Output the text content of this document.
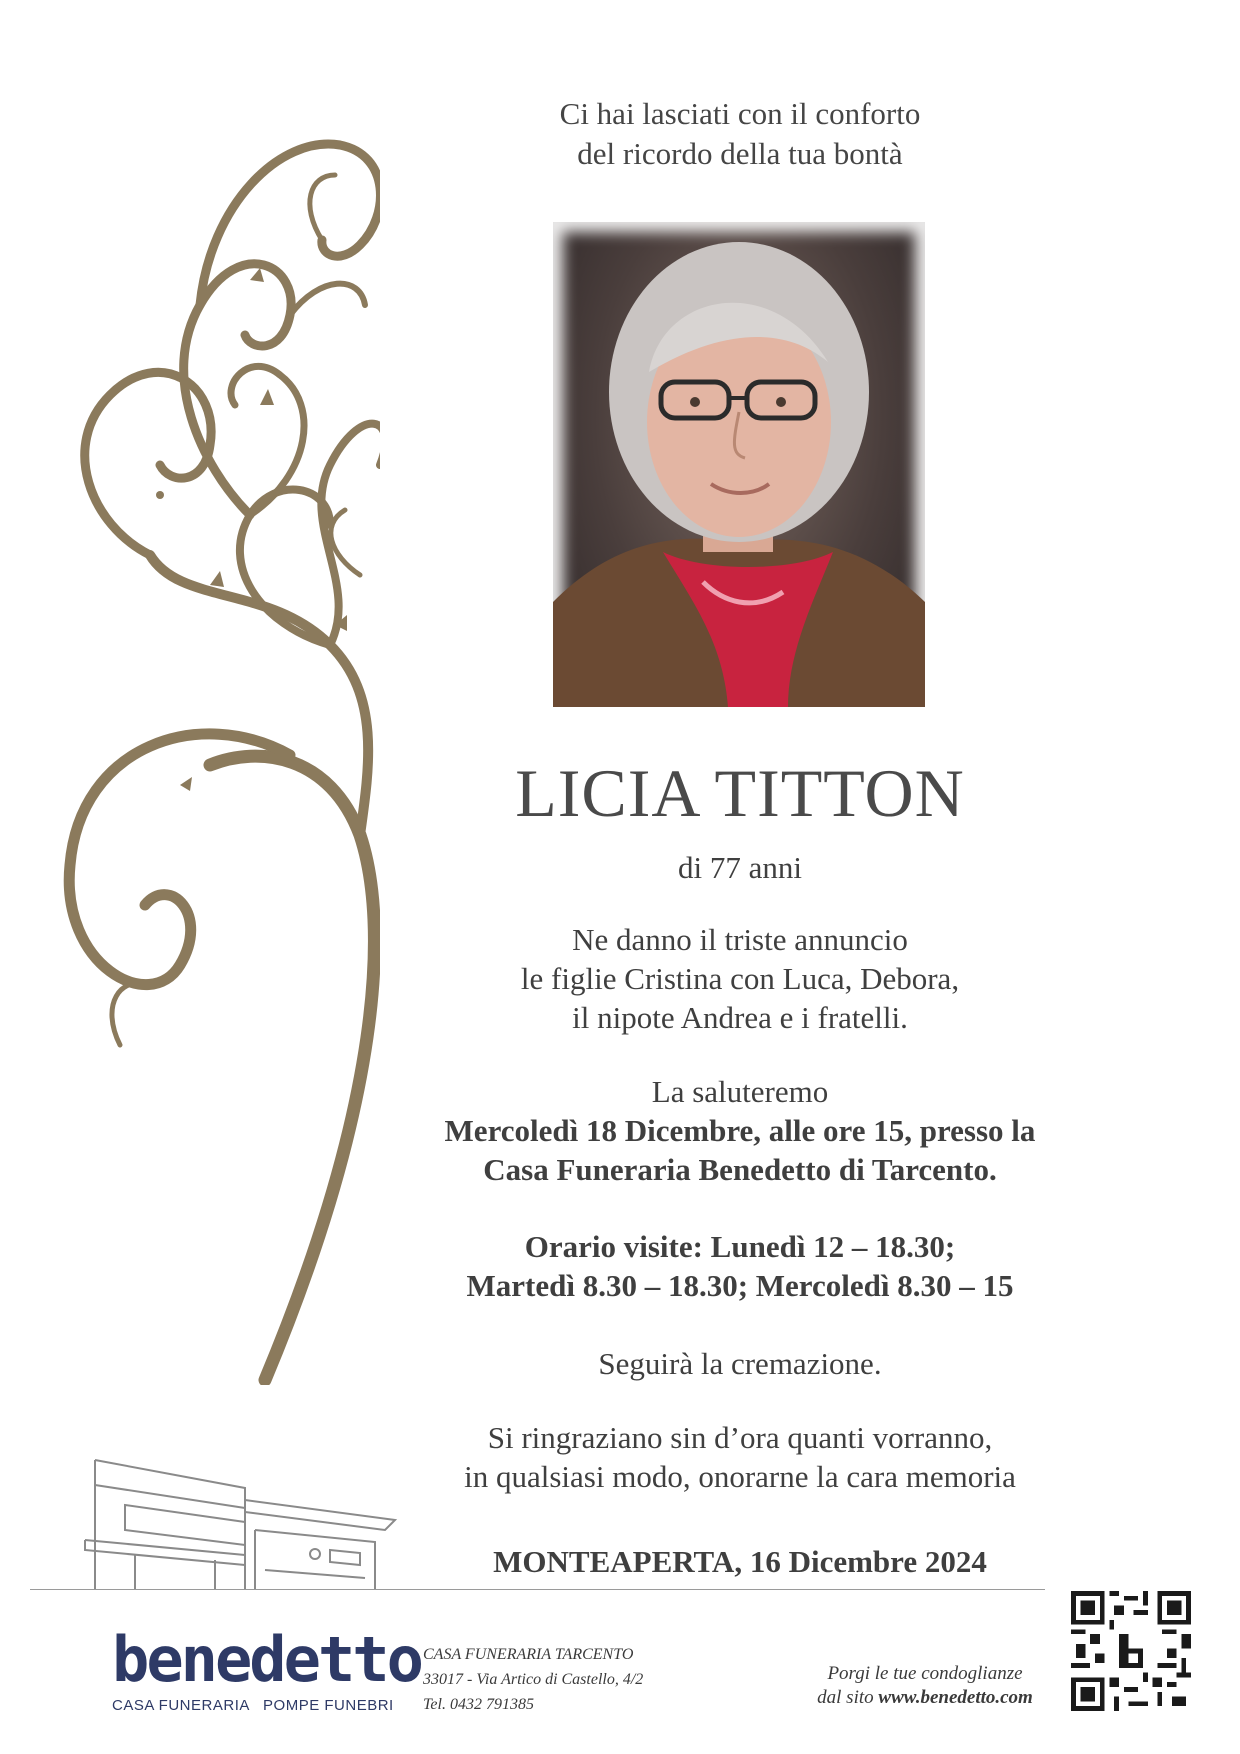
Ci hai lasciati con il conforto
del ricordo della tua bontà
LICIA TITTON
di 77 anni
Ne danno il triste annuncio
le figlie Cristina con Luca, Debora,
il nipote Andrea e i fratelli.
La saluteremo
Mercoledì 18 Dicembre, alle ore 15, presso la
Casa Funeraria Benedetto di Tarcento.
Orario visite: Lunedì 12 – 18.30;
Martedì 8.30 – 18.30; Mercoledì 8.30 – 15
Seguirà la cremazione.
Si ringraziano sin d’ora quanti vorranno,
in qualsiasi modo, onorarne la cara memoria
MONTEAPERTA, 16 Dicembre 2024
benedetto
CASA FUNERARIA   POMPE FUNEBRI
CASA FUNERARIA TARCENTO
33017 - Via Artico di Castello, 4/2
Tel. 0432 791385
Porgi le tue condoglianze
dal sito www.benedetto.com
